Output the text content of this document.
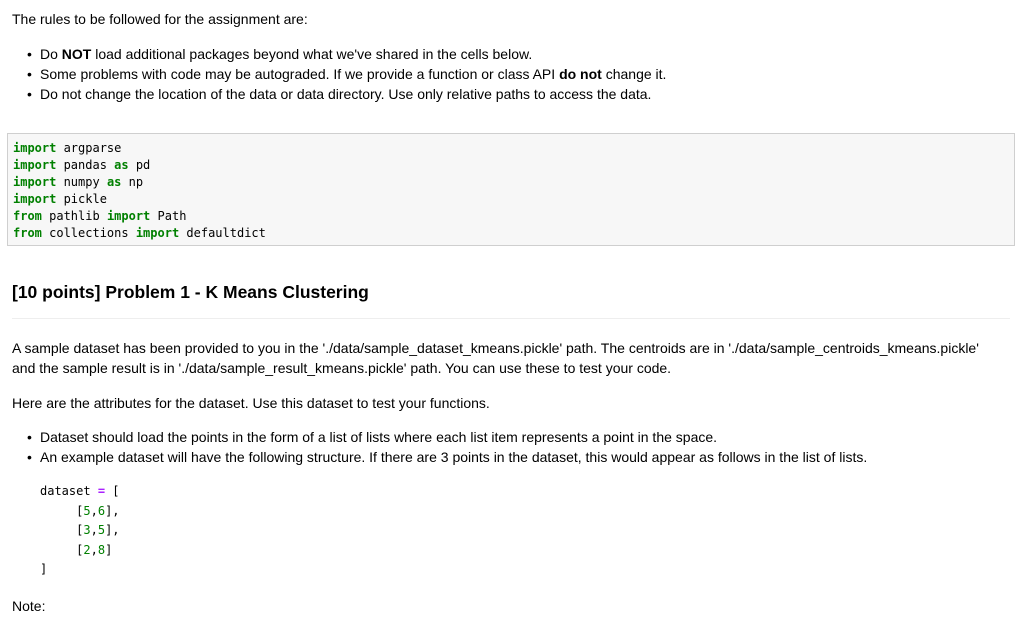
The rules to be followed for the assignment are:
• Do NOT load additional packages beyond what we've shared in the cells below.
• Some problems with code may be autograded. If we provide a function or class API do not change it.
• Do not change the location of the data or data directory. Use only relative paths to access the data.
import argparse
import pandas as pd
import numpy as np
import pickle
from pathlib import Path
from collections import defaultdict
[10 points] Problem 1 - K Means Clustering
A sample dataset has been provided to you in the './data/sample_dataset_kmeans.pickle' path. The centroids are in './data/sample_centroids_kmeans.pickle'
and the sample result is in './data/sample_result_kmeans.pickle' path. You can use these to test your code.
Here are the attributes for the dataset. Use this dataset to test your functions.
• Dataset should load the points in the form of a list of lists where each list item represents a point in the space.
• An example dataset will have the following structure. If there are 3 points in the dataset, this would appear as follows in the list of lists.
dataset = [
[5,6],
[3,5],
[2,8]
]
Note:
